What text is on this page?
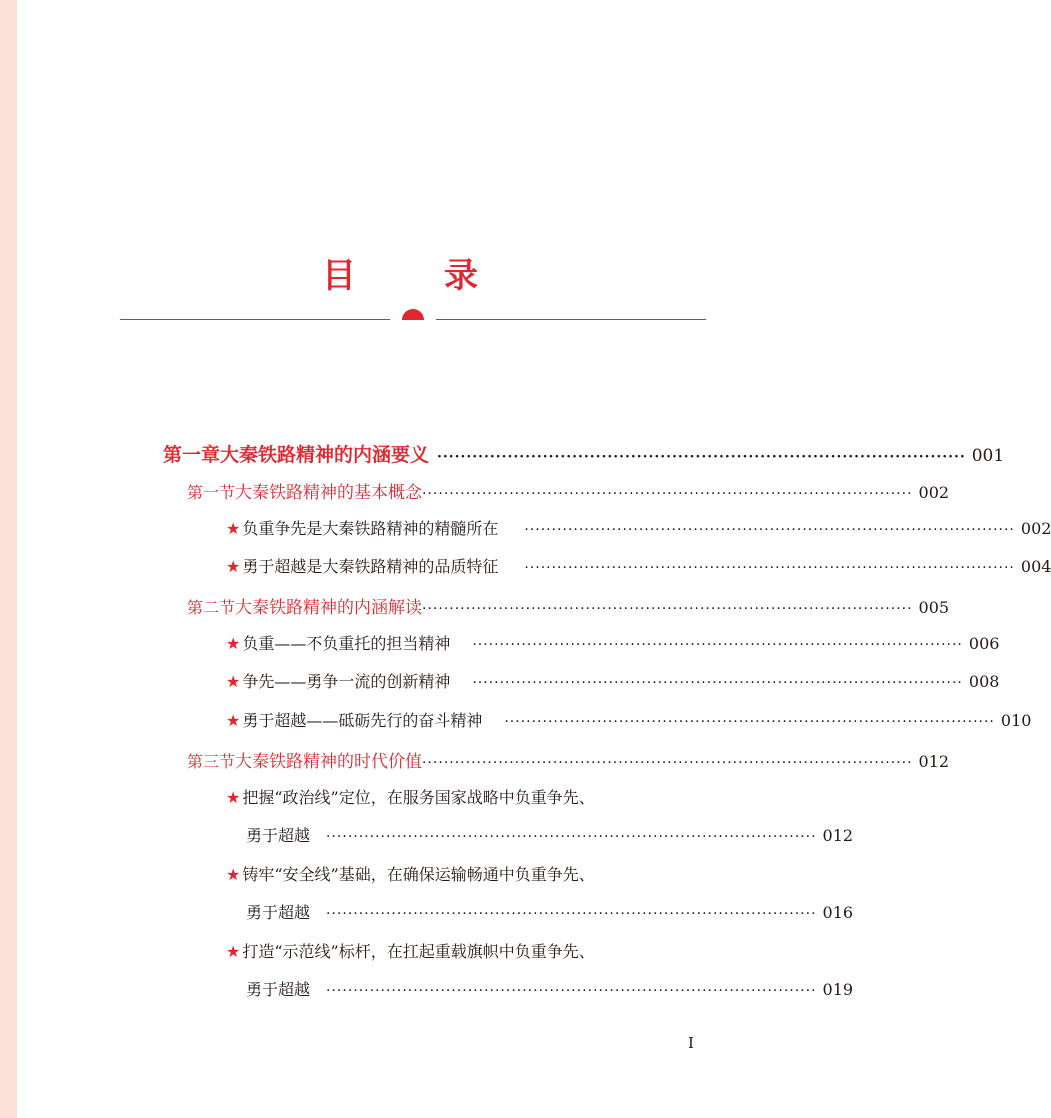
目	录
第一章 大秦铁路精神的内涵要义 ·························································································· 001
第一节 大秦铁路精神的基本概念 ·························································································· 002
★ 负重争先是大秦铁路精神的精髓所在 ·························································································· 002
★ 勇于超越是大秦铁路精神的品质特征 ·························································································· 004
第二节 大秦铁路精神的内涵解读 ·························································································· 005
★ 负重——不负重托的担当精神 ·························································································· 006
★ 争先——勇争一流的创新精神 ·························································································· 008
★ 勇于超越——砥砺先行的奋斗精神 ·························································································· 010
第三节 大秦铁路精神的时代价值 ·························································································· 012
★ 把握“政治线”定位，在服务国家战略中负重争先、
勇于超越 ·························································································· 012
★ 铸牢“安全线”基础，在确保运输畅通中负重争先、
勇于超越 ·························································································· 016
★ 打造“示范线”标杆，在扛起重载旗帜中负重争先、
勇于超越 ·························································································· 019
I
